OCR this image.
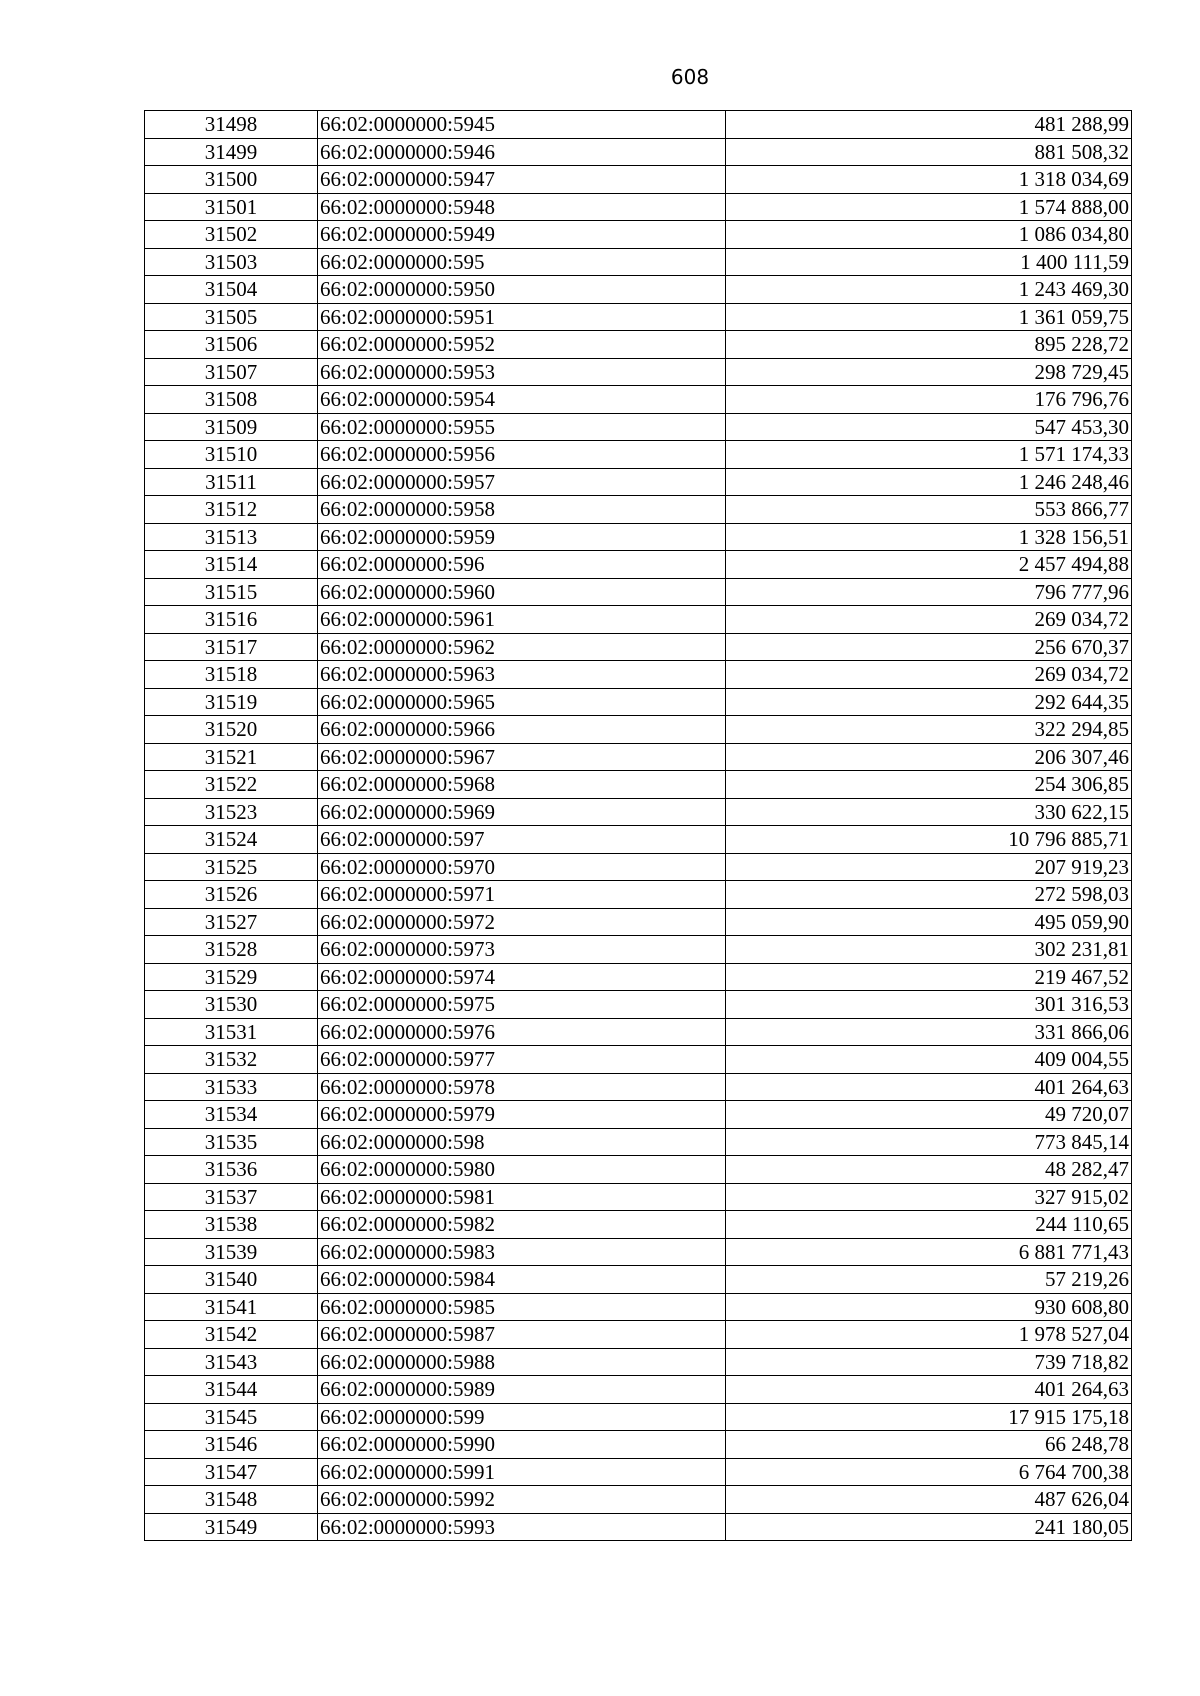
608
31498	66:02:0000000:5945	481 288,99
31499	66:02:0000000:5946	881 508,32
31500	66:02:0000000:5947	1 318 034,69
31501	66:02:0000000:5948	1 574 888,00
31502	66:02:0000000:5949	1 086 034,80
31503	66:02:0000000:595	1 400 111,59
31504	66:02:0000000:5950	1 243 469,30
31505	66:02:0000000:5951	1 361 059,75
31506	66:02:0000000:5952	895 228,72
31507	66:02:0000000:5953	298 729,45
31508	66:02:0000000:5954	176 796,76
31509	66:02:0000000:5955	547 453,30
31510	66:02:0000000:5956	1 571 174,33
31511	66:02:0000000:5957	1 246 248,46
31512	66:02:0000000:5958	553 866,77
31513	66:02:0000000:5959	1 328 156,51
31514	66:02:0000000:596	2 457 494,88
31515	66:02:0000000:5960	796 777,96
31516	66:02:0000000:5961	269 034,72
31517	66:02:0000000:5962	256 670,37
31518	66:02:0000000:5963	269 034,72
31519	66:02:0000000:5965	292 644,35
31520	66:02:0000000:5966	322 294,85
31521	66:02:0000000:5967	206 307,46
31522	66:02:0000000:5968	254 306,85
31523	66:02:0000000:5969	330 622,15
31524	66:02:0000000:597	10 796 885,71
31525	66:02:0000000:5970	207 919,23
31526	66:02:0000000:5971	272 598,03
31527	66:02:0000000:5972	495 059,90
31528	66:02:0000000:5973	302 231,81
31529	66:02:0000000:5974	219 467,52
31530	66:02:0000000:5975	301 316,53
31531	66:02:0000000:5976	331 866,06
31532	66:02:0000000:5977	409 004,55
31533	66:02:0000000:5978	401 264,63
31534	66:02:0000000:5979	49 720,07
31535	66:02:0000000:598	773 845,14
31536	66:02:0000000:5980	48 282,47
31537	66:02:0000000:5981	327 915,02
31538	66:02:0000000:5982	244 110,65
31539	66:02:0000000:5983	6 881 771,43
31540	66:02:0000000:5984	57 219,26
31541	66:02:0000000:5985	930 608,80
31542	66:02:0000000:5987	1 978 527,04
31543	66:02:0000000:5988	739 718,82
31544	66:02:0000000:5989	401 264,63
31545	66:02:0000000:599	17 915 175,18
31546	66:02:0000000:5990	66 248,78
31547	66:02:0000000:5991	6 764 700,38
31548	66:02:0000000:5992	487 626,04
31549	66:02:0000000:5993	241 180,05
